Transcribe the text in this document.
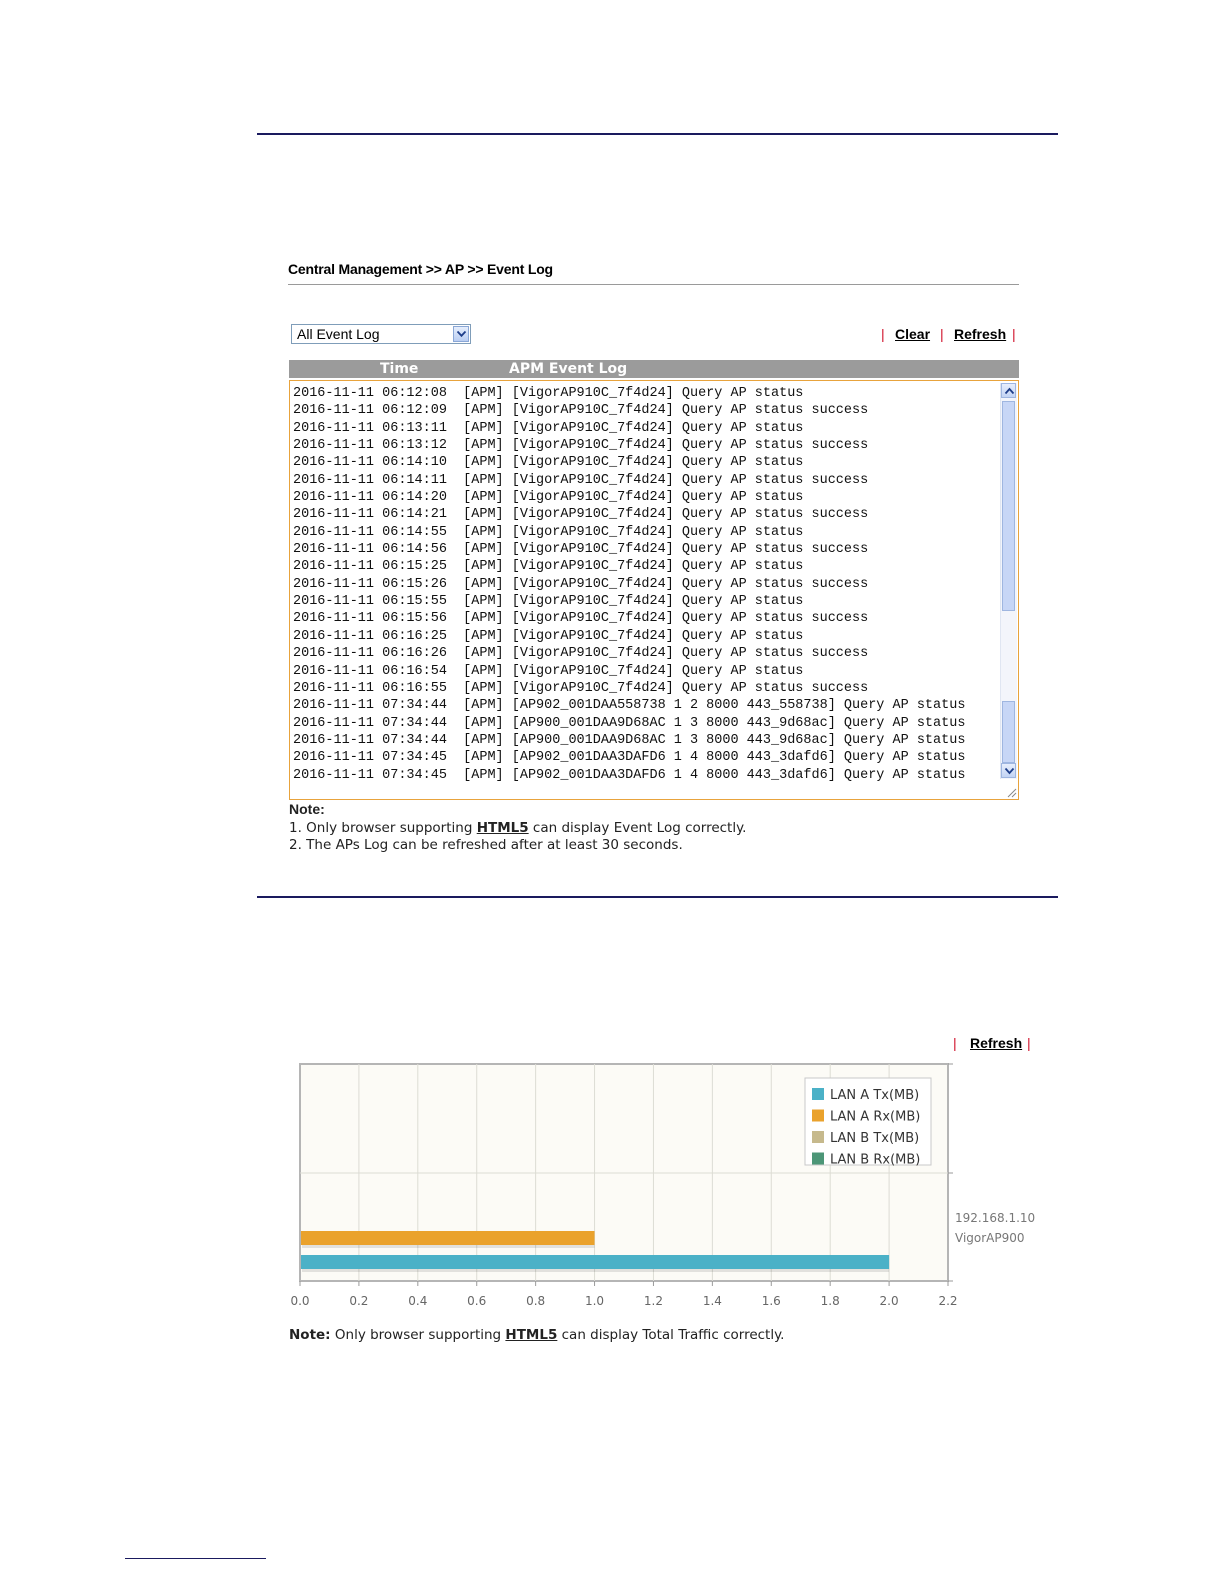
Central Management >> AP >> Event Log
All Event Log	| Clear | Refresh |
Time	APM Event Log
2016-11-11 06:12:08 [APM] [VigorAP910C_7f4d24] Query AP status
2016-11-11 06:12:09 [APM] [VigorAP910C_7f4d24] Query AP status success
2016-11-11 06:13:11 [APM] [VigorAP910C_7f4d24] Query AP status
2016-11-11 06:13:12 [APM] [VigorAP910C_7f4d24] Query AP status success
2016-11-11 06:14:10 [APM] [VigorAP910C_7f4d24] Query AP status
2016-11-11 06:14:11 [APM] [VigorAP910C_7f4d24] Query AP status success
2016-11-11 06:14:20 [APM] [VigorAP910C_7f4d24] Query AP status
2016-11-11 06:14:21 [APM] [VigorAP910C_7f4d24] Query AP status success
2016-11-11 06:14:55 [APM] [VigorAP910C_7f4d24] Query AP status
2016-11-11 06:14:56 [APM] [VigorAP910C_7f4d24] Query AP status success
2016-11-11 06:15:25 [APM] [VigorAP910C_7f4d24] Query AP status
2016-11-11 06:15:26 [APM] [VigorAP910C_7f4d24] Query AP status success
2016-11-11 06:15:55 [APM] [VigorAP910C_7f4d24] Query AP status
2016-11-11 06:15:56 [APM] [VigorAP910C_7f4d24] Query AP status success
2016-11-11 06:16:25 [APM] [VigorAP910C_7f4d24] Query AP status
2016-11-11 06:16:26 [APM] [VigorAP910C_7f4d24] Query AP status success
2016-11-11 06:16:54 [APM] [VigorAP910C_7f4d24] Query AP status
2016-11-11 06:16:55 [APM] [VigorAP910C_7f4d24] Query AP status success
2016-11-11 07:34:44 [APM] [AP902_001DAA558738 1 2 8000 443_558738] Query AP status
2016-11-11 07:34:44 [APM] [AP900_001DAA9D68AC 1 3 8000 443_9d68ac] Query AP status
2016-11-11 07:34:44 [APM] [AP900_001DAA9D68AC 1 3 8000 443_9d68ac] Query AP status
2016-11-11 07:34:45 [APM] [AP902_001DAA3DAFD6 1 4 8000 443_3dafd6] Query AP status
2016-11-11 07:34:45 [APM] [AP902_001DAA3DAFD6 1 4 8000 443_3dafd6] Query AP status
Note:
1. Only browser supporting HTML5 can display Event Log correctly.
2. The APs Log can be refreshed after at least 30 seconds.
| Refresh |
0.0	0.2	0.4	0.6	0.8	1.0	1.2	1.4	1.6	1.8	2.0	2.2
192.168.1.10
VigorAP900
LAN A Tx(MB)
LAN A Rx(MB)
LAN B Tx(MB)
LAN B Rx(MB)
Note: Only browser supporting HTML5 can display Total Traffic correctly.
